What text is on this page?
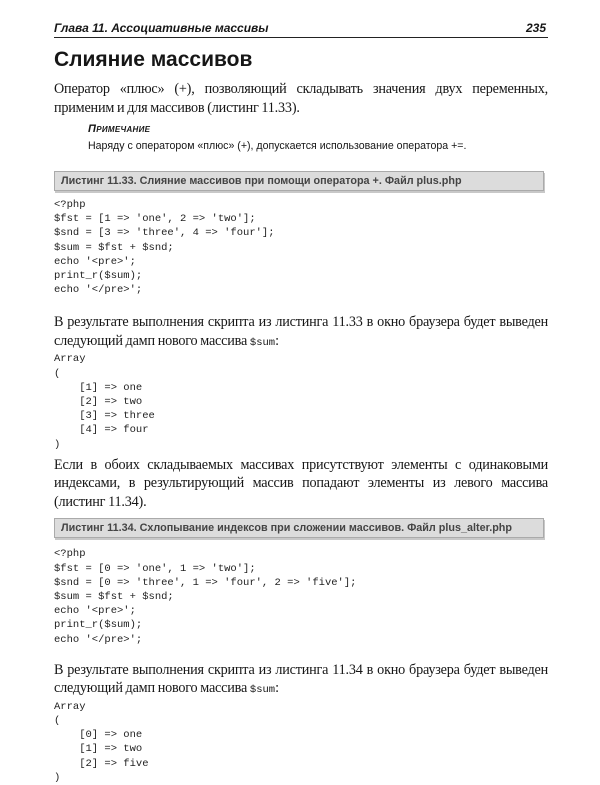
Глава 11. Ассоциативные массивы	235
Слияние массивов
Оператор «плюс» (+), позволяющий складывать значения двух переменных, применим и для массивов (листинг 11.33).
Примечание
Наряду с оператором «плюс» (+), допускается использование оператора +=.
Листинг 11.33. Слияние массивов при помощи оператора +. Файл plus.php
<?php
$fst = [1 => 'one', 2 => 'two'];
$snd = [3 => 'three', 4 => 'four'];
$sum = $fst + $snd;
echo '<pre>';
print_r($sum);
echo '</pre>';
В результате выполнения скрипта из листинга 11.33 в окно браузера будет выведен следующий дамп нового массива $sum:
Array
(
[1] => one
[2] => two
[3] => three
[4] => four
)
Если в обоих складываемых массивах присутствуют элементы с одинаковыми индексами, в результирующий массив попадают элементы из левого массива (листинг 11.34).
Листинг 11.34. Схлопывание индексов при сложении массивов. Файл plus_alter.php
<?php
$fst = [0 => 'one', 1 => 'two'];
$snd = [0 => 'three', 1 => 'four', 2 => 'five'];
$sum = $fst + $snd;
echo '<pre>';
print_r($sum);
echo '</pre>';
В результате выполнения скрипта из листинга 11.34 в окно браузера будет выведен следующий дамп нового массива $sum:
Array
(
[0] => one
[1] => two
[2] => five
)
